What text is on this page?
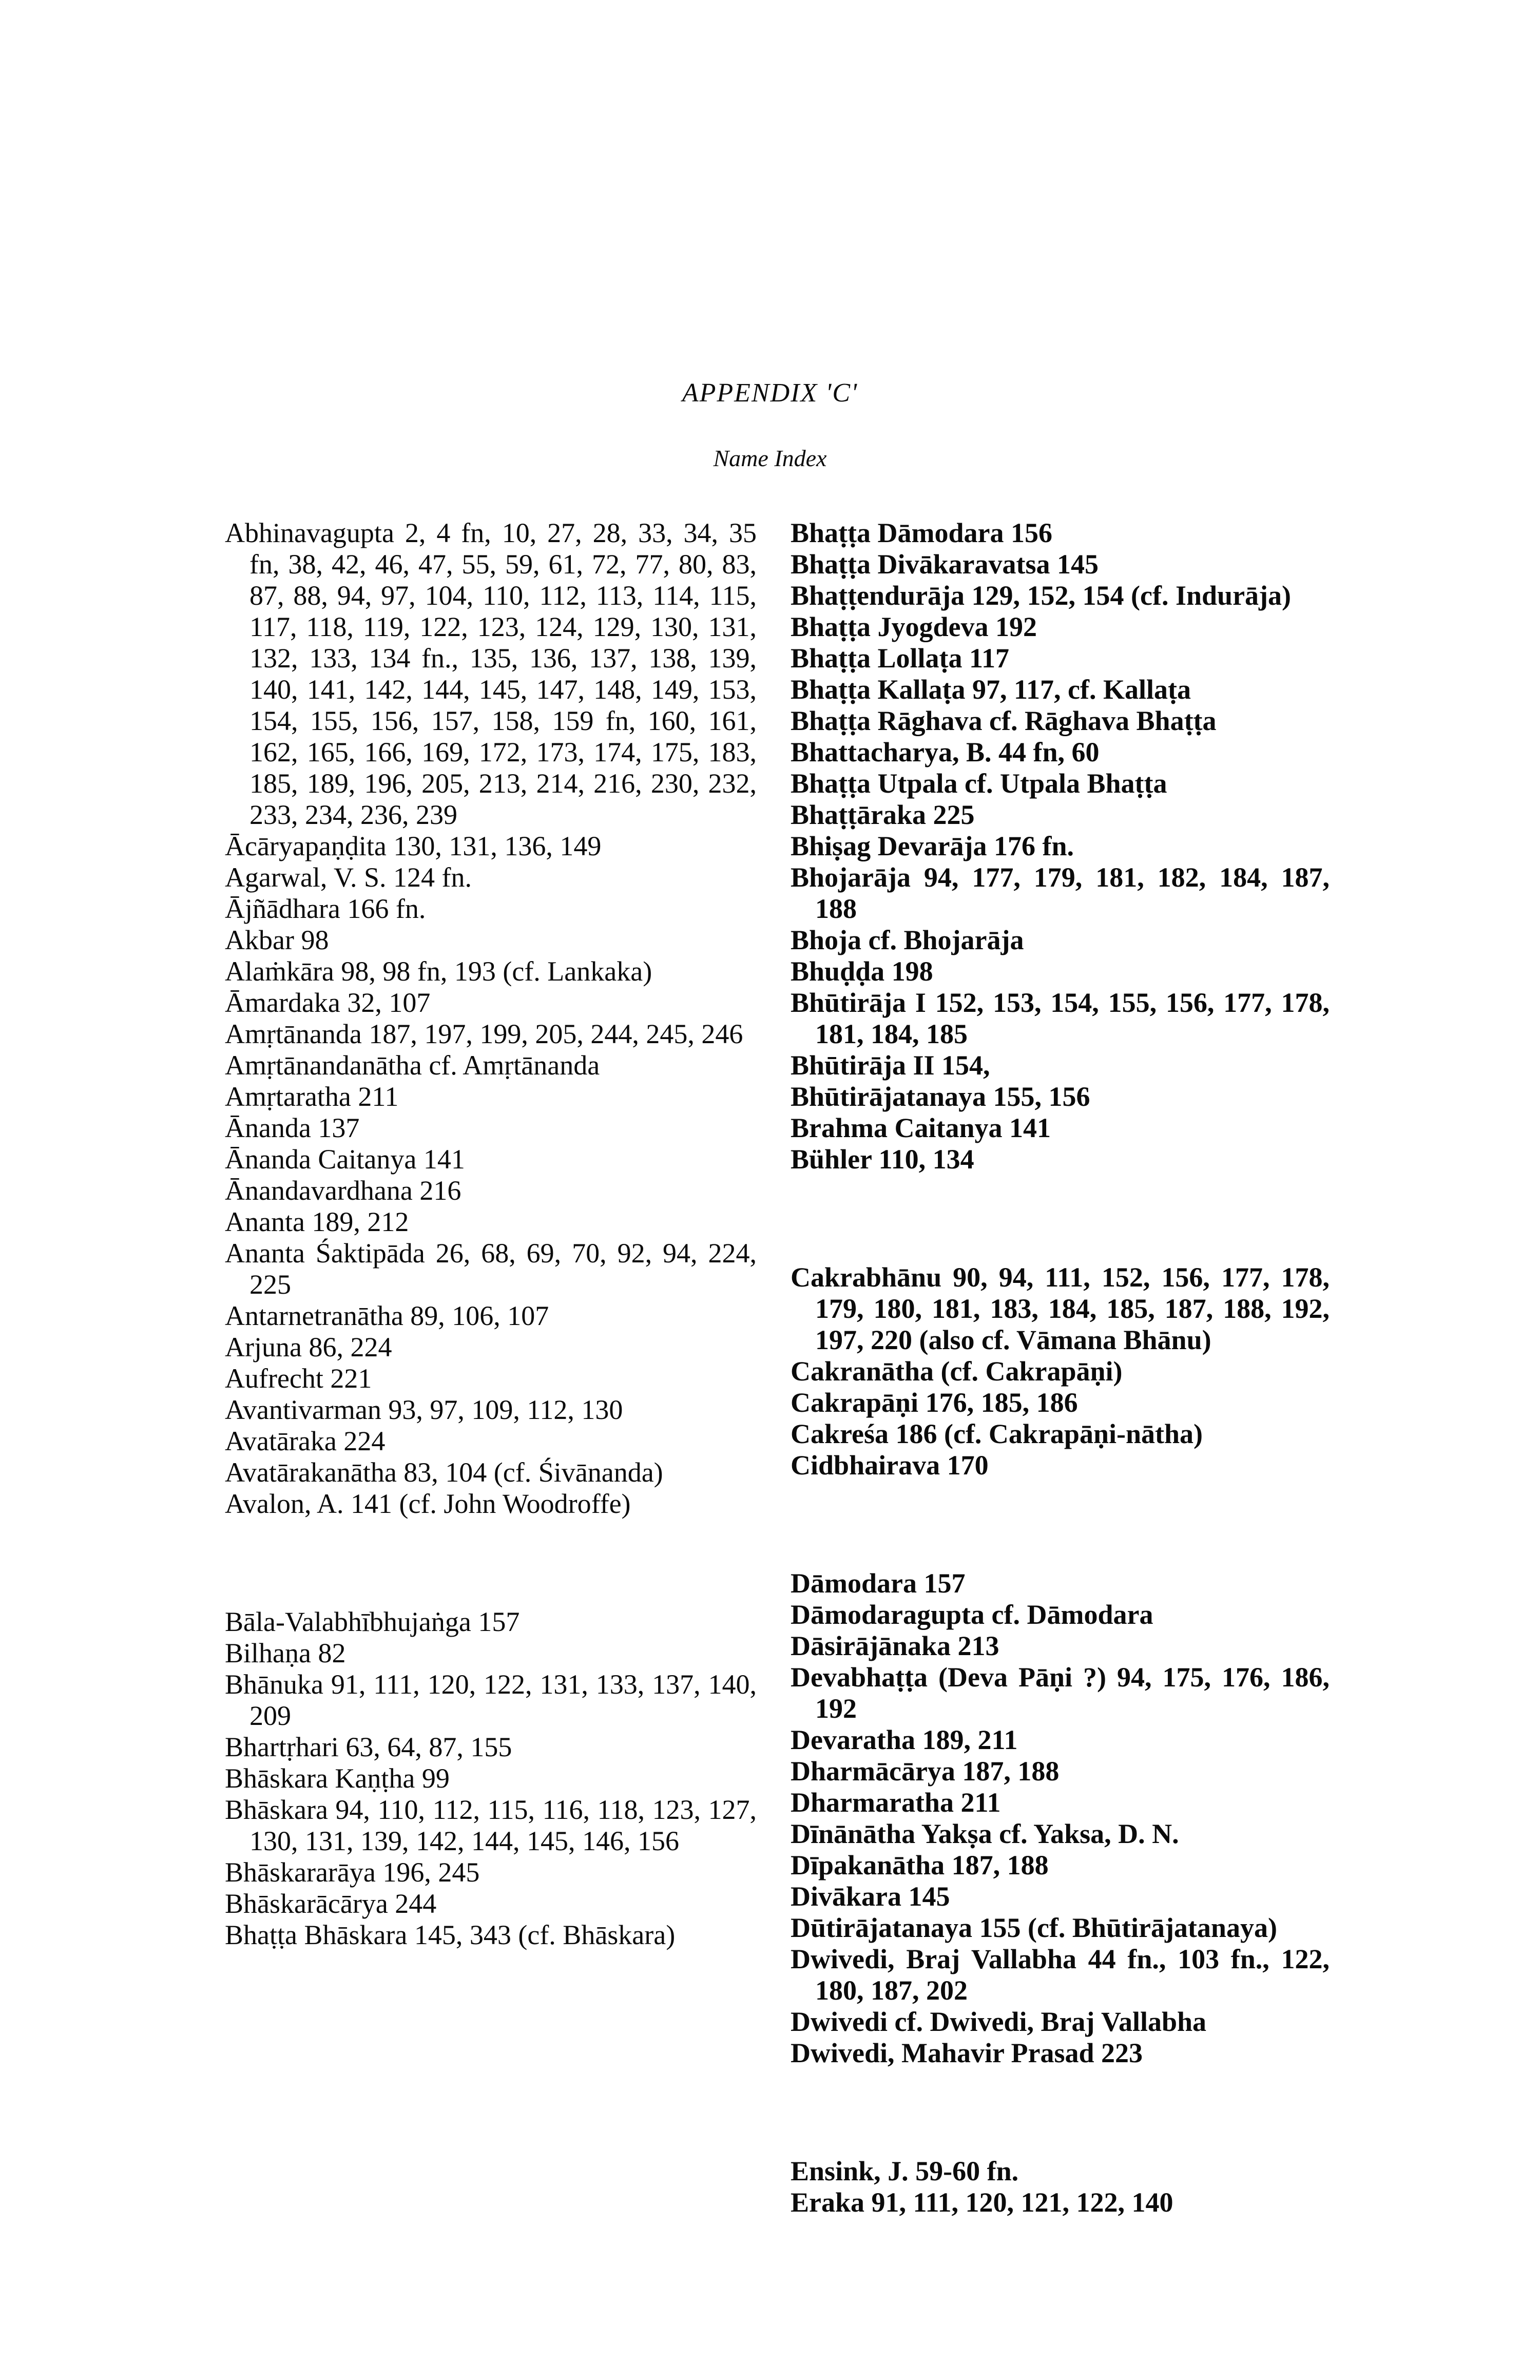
APPENDIX 'C'
Name Index

Abhinavagupta 2, 4 fn, 10, 27, 28, 33, 34, 35 fn, 38, 42, 46, 47, 55, 59, 61, 72, 77, 80, 83, 87, 88, 94, 97, 104, 110, 112, 113, 114, 115, 117, 118, 119, 122, 123, 124, 129, 130, 131, 132, 133, 134 fn., 135, 136, 137, 138, 139, 140, 141, 142, 144, 145, 147, 148, 149, 153, 154, 155, 156, 157, 158, 159 fn, 160, 161, 162, 165, 166, 169, 172, 173, 174, 175, 183, 185, 189, 196, 205, 213, 214, 216, 230, 232, 233, 234, 236, 239

Ācāryapaṇḍita 130, 131, 136, 149

Agarwal, V. S. 124 fn.

Ājñādhara 166 fn.

Akbar 98

Alaṁkāra 98, 98 fn, 193 (cf. Lankaka)

Āmardaka 32, 107

Amṛtānanda 187, 197, 199, 205, 244, 245, 246

Amṛtānandanātha cf. Amṛtānanda

Amṛtaratha 211

Ānanda 137

Ānanda Caitanya 141

Ānandavardhana 216

Ananta 189, 212

Ananta Śaktipāda 26, 68, 69, 70, 92, 94, 224, 225

Antarnetranātha 89, 106, 107

Arjuna 86, 224

Aufrecht 221

Avantivarman 93, 97, 109, 112, 130

Avatāraka 224

Avatārakanātha 83, 104 (cf. Śivānanda)

Avalon, A. 141 (cf. John Woodroffe)

Bāla-Valabhībhujaṅga 157

Bilhaṇa 82

Bhānuka 91, 111, 120, 122, 131, 133, 137, 140, 209

Bhartṛhari 63, 64, 87, 155

Bhāskara Kaṇṭha 99

Bhāskara 94, 110, 112, 115, 116, 118, 123, 127, 130, 131, 139, 142, 144, 145, 146, 156

Bhāskararāya 196, 245

Bhāskarācārya 244

Bhaṭṭa Bhāskara 145, 343 (cf. Bhāskara)

Bhaṭṭa Dāmodara 156

Bhaṭṭa Divākaravatsa 145

Bhaṭṭendurāja 129, 152, 154 (cf. Indurāja)

Bhaṭṭa Jyogdeva 192

Bhaṭṭa Lollaṭa 117

Bhaṭṭa Kallaṭa 97, 117, cf. Kallaṭa

Bhaṭṭa Rāghava cf. Rāghava Bhaṭṭa

Bhattacharya, B. 44 fn, 60

Bhaṭṭa Utpala cf. Utpala Bhaṭṭa

Bhaṭṭāraka 225

Bhiṣag Devarāja 176 fn.

Bhojarāja 94, 177, 179, 181, 182, 184, 187, 188

Bhoja cf. Bhojarāja

Bhuḍḍa 198

Bhūtirāja I 152, 153, 154, 155, 156, 177, 178, 181, 184, 185

Bhūtirāja II 154,

Bhūtirājatanaya 155, 156

Brahma Caitanya 141

Bühler 110, 134

Cakrabhānu 90, 94, 111, 152, 156, 177, 178, 179, 180, 181, 183, 184, 185, 187, 188, 192, 197, 220 (also cf. Vāmana Bhānu)

Cakranātha (cf. Cakrapāṇi)

Cakrapāṇi 176, 185, 186

Cakreśa 186 (cf. Cakrapāṇi-nātha)

Cidbhairava 170

Dāmodara 157

Dāmodaragupta cf. Dāmodara

Dāsirājānaka 213

Devabhaṭṭa (Deva Pāṇi ?) 94, 175, 176, 186, 192

Devaratha 189, 211

Dharmācārya 187, 188

Dharmaratha 211

Dīnānātha Yakṣa cf. Yaksa, D. N.

Dīpakanātha 187, 188

Divākara 145

Dūtirājatanaya 155 (cf. Bhūtirājatanaya)

Dwivedi, Braj Vallabha 44 fn., 103 fn., 122, 180, 187, 202

Dwivedi cf. Dwivedi, Braj Vallabha

Dwivedi, Mahavir Prasad 223

Ensink, J. 59-60 fn.

Eraka 91, 111, 120, 121, 122, 140
